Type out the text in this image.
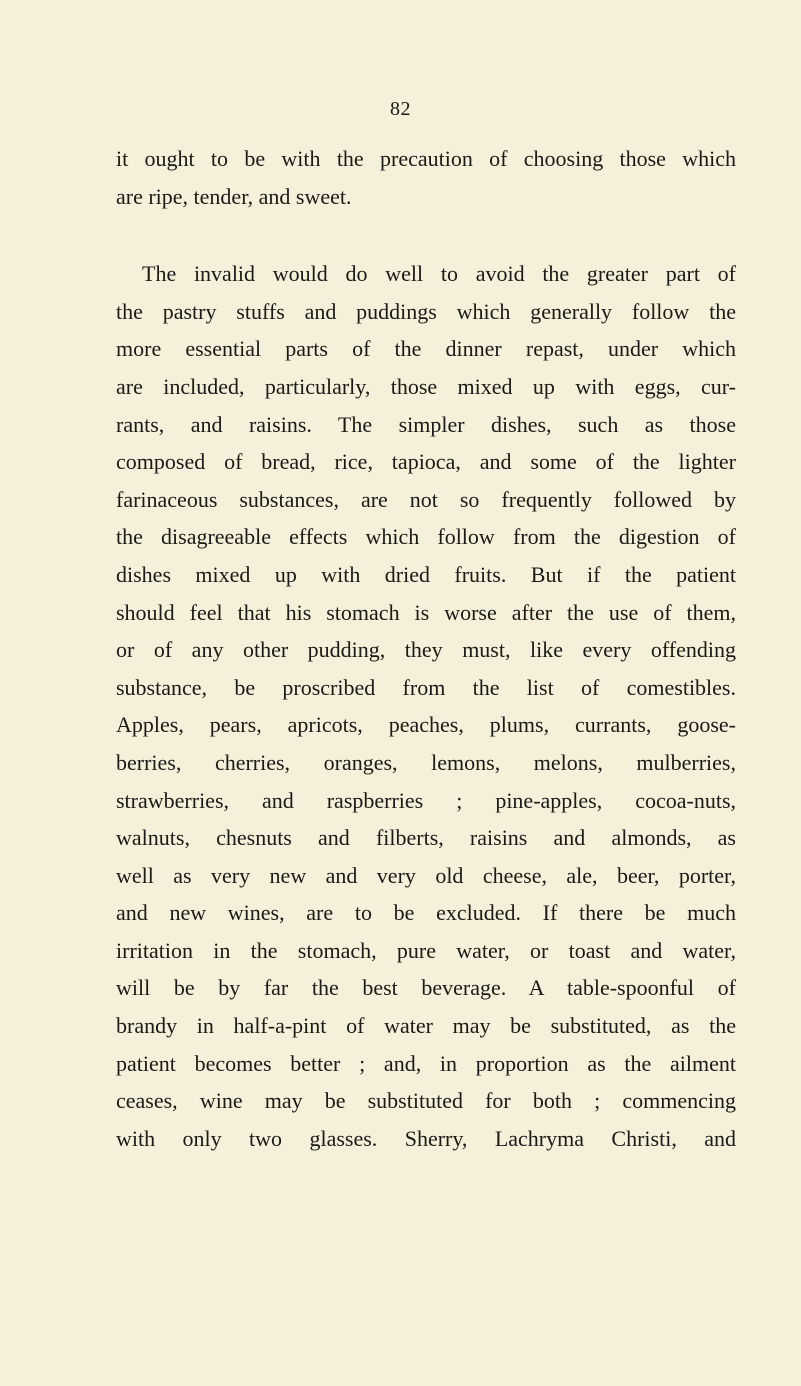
82
it ought to be with the precaution of choosing those which
are ripe, tender, and sweet.
The invalid would do well to avoid the greater part of
the pastry stuffs and puddings which generally follow the
more essential parts of the dinner repast, under which
are included, particularly, those mixed up with eggs, cur-
rants, and raisins. The simpler dishes, such as those
composed of bread, rice, tapioca, and some of the lighter
farinaceous substances, are not so frequently followed by
the disagreeable effects which follow from the digestion of
dishes mixed up with dried fruits. But if the patient
should feel that his stomach is worse after the use of them,
or of any other pudding, they must, like every offending
substance, be proscribed from the list of comestibles.
Apples, pears, apricots, peaches, plums, currants, goose-
berries, cherries, oranges, lemons, melons, mulberries,
strawberries, and raspberries ; pine-apples, cocoa-nuts,
walnuts, chesnuts and filberts, raisins and almonds, as
well as very new and very old cheese, ale, beer, porter,
and new wines, are to be excluded. If there be much
irritation in the stomach, pure water, or toast and water,
will be by far the best beverage. A table-spoonful of
brandy in half-a-pint of water may be substituted, as the
patient becomes better ; and, in proportion as the ailment
ceases, wine may be substituted for both ; commencing
with only two glasses. Sherry, Lachryma Christi, and
